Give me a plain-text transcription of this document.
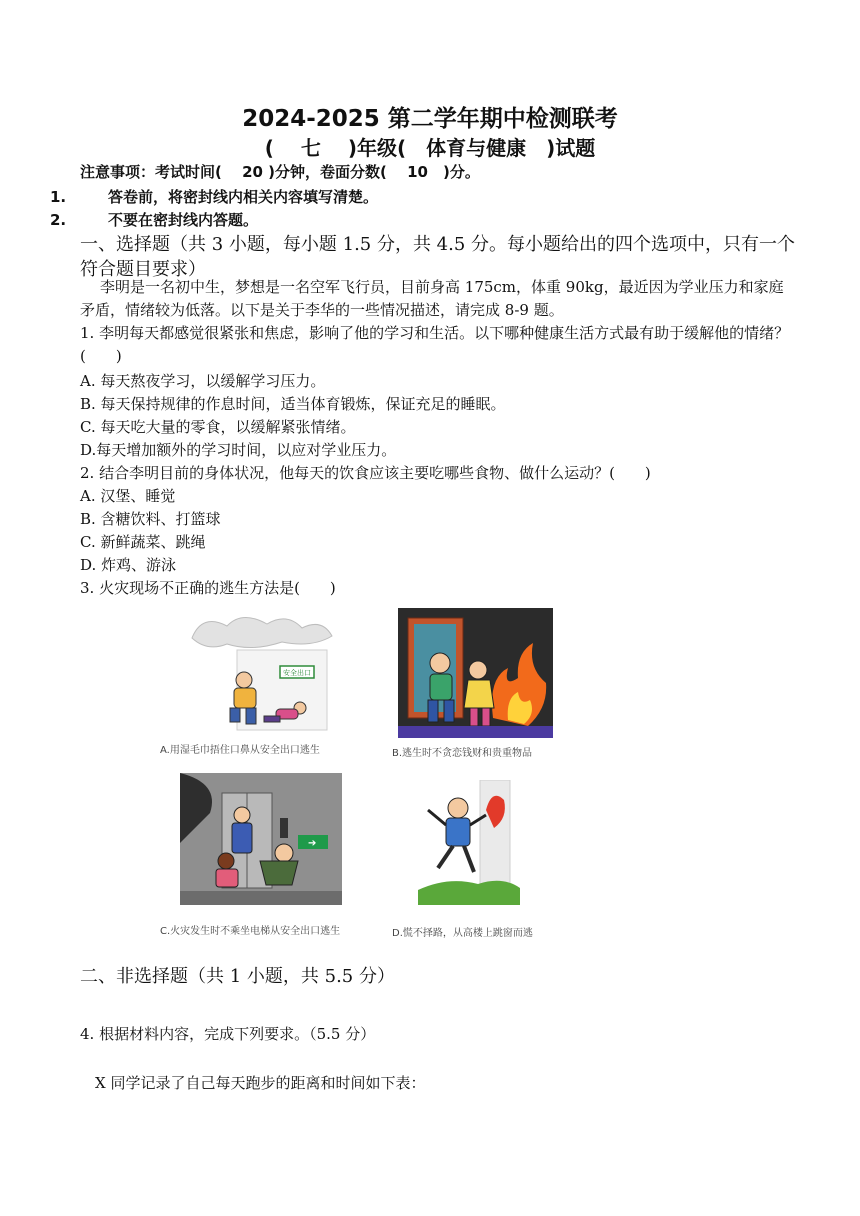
2024-2025 第二学年期中检测联考
(　 七 　)年级(　体育与健康　)试题
注意事项：考试时间(　 20 )分钟，卷面分数(　 10　)分。
1.	答卷前，将密封线内相关内容填写清楚。
2.	不要在密封线内答题。
一、选择题（共 3 小题，每小题 1.5 分，共 4.5 分。每小题给出的四个选项中，只有一个符合题目要求）
李明是一名初中生，梦想是一名空军飞行员，目前身高 175cm，体重 90kg，最近因为学业压力和家庭矛盾，情绪较为低落。以下是关于李华的一些情况描述，请完成 8-9 题。
1. 李明每天都感觉很紧张和焦虑，影响了他的学习和生活。以下哪种健康生活方式最有助于缓解他的情绪？(　　)
A. 每天熬夜学习，以缓解学习压力。
B. 每天保持规律的作息时间，适当体育锻炼，保证充足的睡眠。
C. 每天吃大量的零食，以缓解紧张情绪。
D.每天增加额外的学习时间，以应对学业压力。
2. 结合李明目前的身体状况，他每天的饮食应该主要吃哪些食物、做什么运动？(　　)
A. 汉堡、睡觉
B. 含糖饮料、打篮球
C. 新鲜蔬菜、跳绳
D. 炸鸡、游泳
3. 火灾现场不正确的逃生方法是(　　)
安全出口
A.用湿毛巾捂住口鼻从安全出口逃生	B.逃生时不贪恋钱财和贵重物品
➔
C.火灾发生时不乘坐电梯从安全出口逃生	D.慌不择路，从高楼上跳窗而逃
二、非选择题（共 1 小题，共 5.5 分）
4. 根据材料内容，完成下列要求。（5.5 分）
X 同学记录了自己每天跑步的距离和时间如下表：
